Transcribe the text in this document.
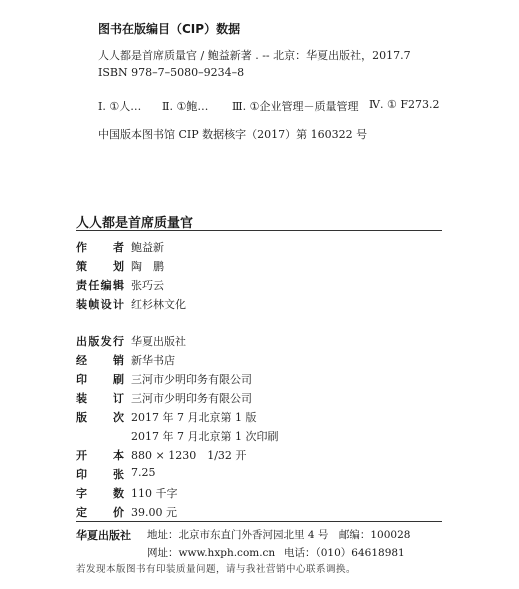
图书在版编目（CIP）数据
人人都是首席质量官 / 鲍益新著 . -- 北京：华夏出版社，2017.7
ISBN 978–7–5080–9234–8
Ⅰ. ①人… Ⅱ. ①鲍… Ⅲ. ①企业管理－质量管理 Ⅳ. ① F273.2
中国版本图书馆 CIP 数据核字（2017）第 160322 号
人人都是首席质量官
作 者 鲍益新
策 划 陶　鹏
责 任 编 辑 张巧云
装 帧 设 计 红杉林文化
出 版 发 行 华夏出版社
经 销 新华书店
印 刷 三河市少明印务有限公司
装 订 三河市少明印务有限公司
版 次 2017 年 7 月北京第 1 版
2017 年 7 月北京第 1 次印刷
开 本 880 × 1230　1/32 开
印 张 7.25
字 数 110 千字
定 价 39.00 元
华夏出版社 地址：北京市东直门外香河园北里 4 号　邮编：100028
网址：www.hxph.com.cn 电话：（010）64618981
若发现本版图书有印装质量问题，请与我社营销中心联系调换。
